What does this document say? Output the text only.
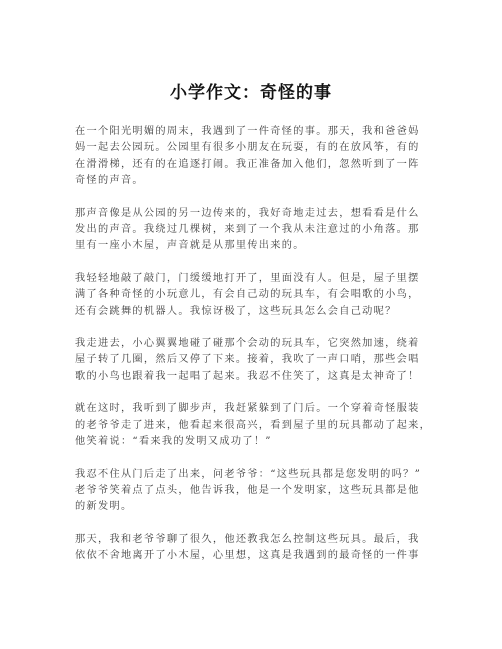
小学作文：奇怪的事
在一个阳光明媚的周末，我遇到了一件奇怪的事。那天，我和爸爸妈
妈一起去公园玩。公园里有很多小朋友在玩耍，有的在放风筝，有的
在滑滑梯，还有的在追逐打闹。我正准备加入他们，忽然听到了一阵
奇怪的声音。
那声音像是从公园的另一边传来的，我好奇地走过去，想看看是什么
发出的声音。我绕过几棵树，来到了一个我从未注意过的小角落。那
里有一座小木屋，声音就是从那里传出来的。
我轻轻地敲了敲门，门缓缓地打开了，里面没有人。但是，屋子里摆
满了各种奇怪的小玩意儿，有会自己动的玩具车，有会唱歌的小鸟，
还有会跳舞的机器人。我惊讶极了，这些玩具怎么会自己动呢？
我走进去，小心翼翼地碰了碰那个会动的玩具车，它突然加速，绕着
屋子转了几圈，然后又停了下来。接着，我吹了一声口哨，那些会唱
歌的小鸟也跟着我一起唱了起来。我忍不住笑了，这真是太神奇了！
就在这时，我听到了脚步声，我赶紧躲到了门后。一个穿着奇怪服装
的老爷爷走了进来，他看起来很高兴，看到屋子里的玩具都动了起来，
他笑着说：“看来我的发明又成功了！”
我忍不住从门后走了出来，问老爷爷：“这些玩具都是您发明的吗？”
老爷爷笑着点了点头，他告诉我，他是一个发明家，这些玩具都是他
的新发明。
那天，我和老爷爷聊了很久，他还教我怎么控制这些玩具。最后，我
依依不舍地离开了小木屋，心里想，这真是我遇到的最奇怪的一件事
